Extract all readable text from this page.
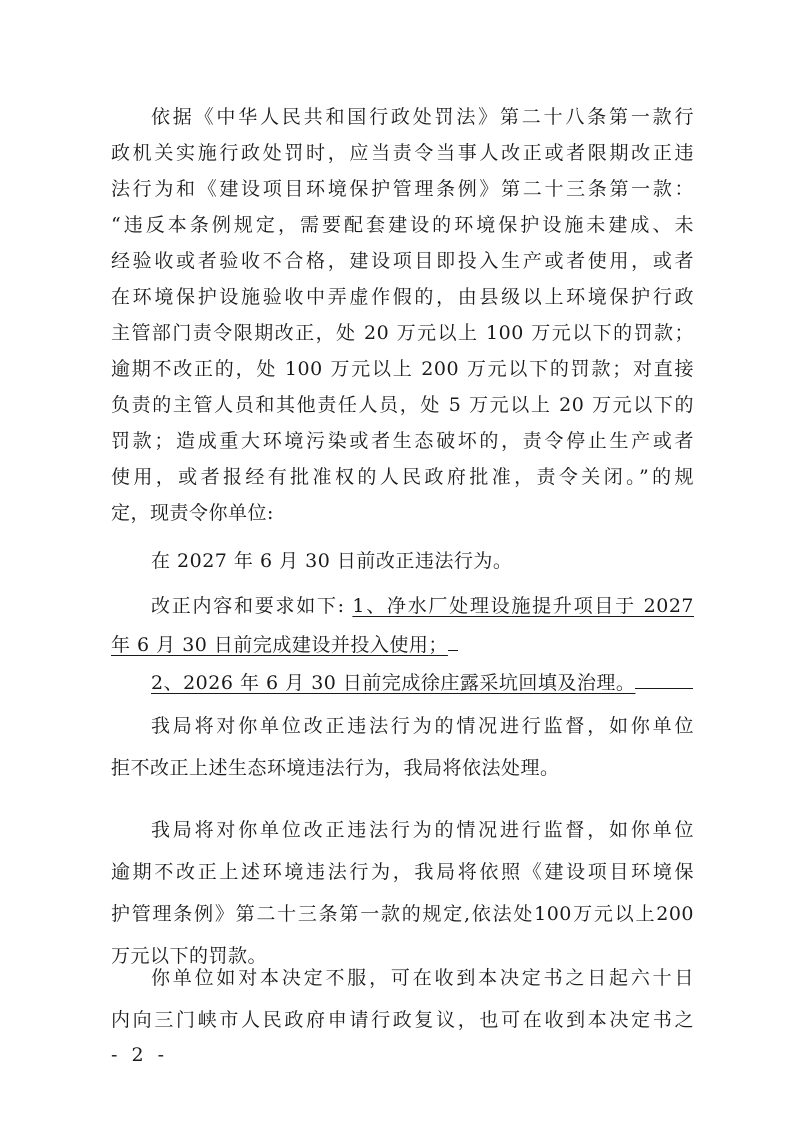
依据《中华人民共和国行政处罚法》第二十八条第一款行
政机关实施行政处罚时，应当责令当事人改正或者限期改正违
法行为和《建设项目环境保护管理条例》第二十三条第一款：
“违反本条例规定，需要配套建设的环境保护设施未建成、未
经验收或者验收不合格，建设项目即投入生产或者使用，或者
在环境保护设施验收中弄虚作假的，由县级以上环境保护行政
主管部门责令限期改正，处 20 万元以上 100 万元以下的罚款；
逾期不改正的，处 100 万元以上 200 万元以下的罚款；对直接
负责的主管人员和其他责任人员，处 5 万元以上 20 万元以下的
罚款；造成重大环境污染或者生态破坏的，责令停止生产或者
使用，或者报经有批准权的人民政府批准，责令关闭。”的规
定，现责令你单位:
在 2027 年 6 月 30 日前改正违法行为。
改正内容和要求如下: 1、净水厂处理设施提升项目于 2027
年 6 月 30 日前完成建设并投入使用；
2、2026 年 6 月 30 日前完成徐庄露采坑回填及治理。
我局将对你单位改正违法行为的情况进行监督，如你单位
拒不改正上述生态环境违法行为，我局将依法处理。
我局将对你单位改正违法行为的情况进行监督，如你单位
逾期不改正上述环境违法行为，我局将依照《建设项目环境保
护管理条例》第二十三条第一款的规定,依法处100万元以上200
万元以下的罚款。
你单位如对本决定不服，可在收到本决定书之日起六十日
内向三门峡市人民政府申请行政复议，也可在收到本决定书之
- 2 -
